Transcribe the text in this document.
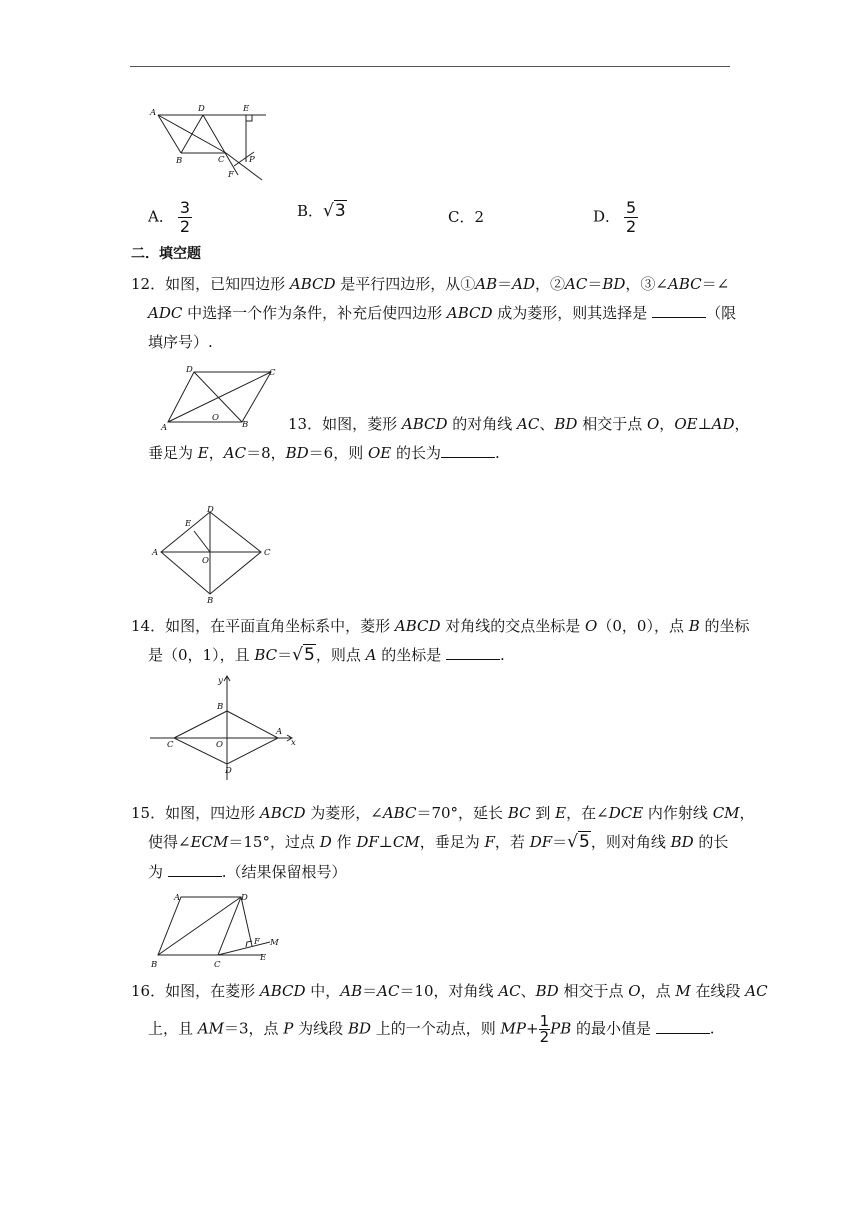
A	D	E
B	C	P
F
A． $\frac{3}{2}$	B．√3	C．2	D． $\frac{5}{2}$
二．填空题
12．如图，已知四边形 ABCD 是平行四边形，从①AB＝AD，②AC＝BD，③∠ABC＝∠
ADC 中选择一个作为条件，补充后使四边形 ABCD 成为菱形，则其选择是	（限
填序号）.
D	C
O
A	B	13．如图，菱形 ABCD 的对角线 AC、BD 相交于点 O，OE⊥AD，
垂足为 E，AC＝8，BD＝6，则 OE 的长为	.
D
E
A	C
O
B
14．如图，在平面直角坐标系中，菱形 ABCD 对角线的交点坐标是 O（0，0），点 B 的坐标
是（0，1），且 BC＝√5，则点 A 的坐标是	.
y
B
C
A
O	x
D
15．如图，四边形 ABCD 为菱形，∠ABC＝70°，延长 BC 到 E，在∠DCE 内作射线 CM，
使得∠ECM＝15°，过点 D 作 DF⊥CM，垂足为 F，若 DF＝√5，则对角线 BD 的长
为	.（结果保留根号）
A	D
F M
E
B	C
16．如图，在菱形 ABCD 中，AB＝AC＝10，对角线 AC、BD 相交于点 O，点 M 在线段 AC
上，且 AM＝3，点 P 为线段 BD 上的一个动点，则 $MP+ \frac{1}{2}$ PB 的最小值是	.
